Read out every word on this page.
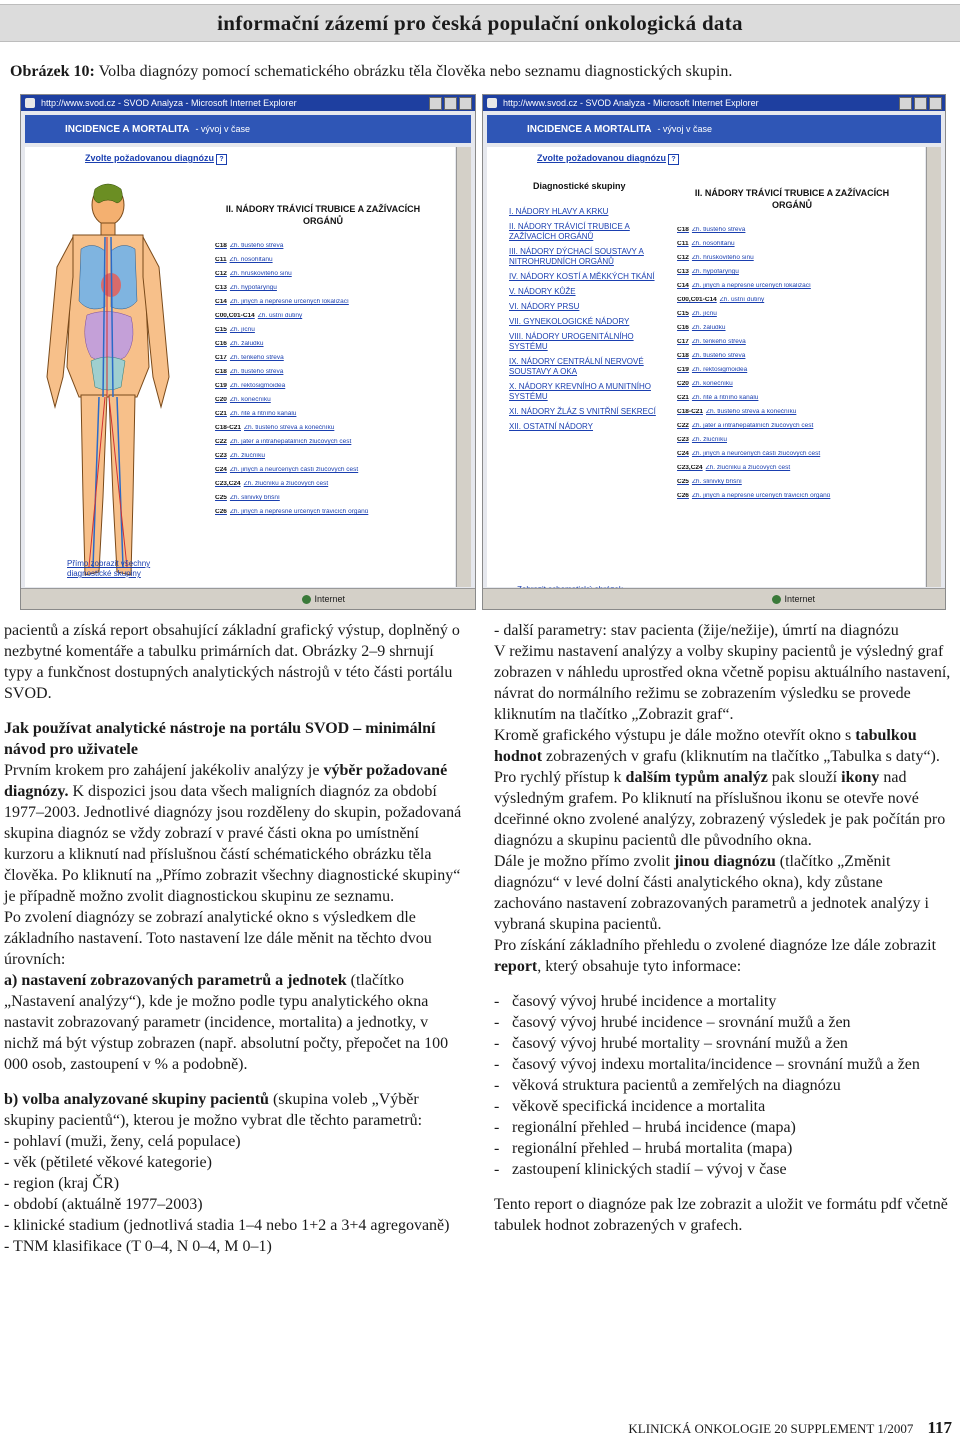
informační zázemí pro česká populační onkologická data
Obrázek 10: Volba diagnózy pomocí schematického obrázku těla člověka nebo seznamu diagnostických skupin.
http://www.svod.cz - SVOD Analyza - Microsoft Internet Explorer
INCIDENCE A MORTALITA - vývoj v čase
Zvolte požadovanou diagnózu ?
II. NÁDORY TRÁVICÍ TRUBICE A ZAŽÍVACÍCH ORGÁNŮ
C18 Zh. tlustého střeva
C11 Zh. nosohltanu
C12 Zh. hruškovitého sinu
C13 Zh. hypofaryngu
C14 Zh. jiných a nepřesně určených lokalizací
C00,C01-C14 Zh. ústní dutiny
C15 Zh. jícnu
C16 Zh. žaludku
C17 Zh. tenkého střeva
C18 Zh. tlustého střeva
C19 Zh. rektosigmoidea
C20 Zh. konečníku
C21 Zh. řitě a řitního kanálu
C18-C21 Zh. tlustého střeva a konečníku
C22 Zh. jater a intrahepatálních žlučových cest
C23 Zh. žlučníku
C24 Zh. jiných a neurčených částí žlučových cest
C23,C24 Zh. žlučníku a žlučových cest
C25 Zh. slinivky břišní
C26 Zh. jiných a nepřesně určených trávicích orgánů
Přímo zobrazit všechny diagnostické skupiny
Internet
http://www.svod.cz - SVOD Analyza - Microsoft Internet Explorer
INCIDENCE A MORTALITA - vývoj v čase
Zvolte požadovanou diagnózu ?
Diagnostické skupiny
I. NÁDORY HLAVY A KRKU
II. NÁDORY TRÁVICÍ TRUBICE A ZAŽÍVACÍCH ORGÁNŮ
III. NÁDORY DÝCHACÍ SOUSTAVY A NITROHRUDNÍCH ORGÁNŮ
IV. NÁDORY KOSTÍ A MĚKKÝCH TKÁNÍ
V. NÁDORY KŮŽE
VI. NÁDORY PRSU
VII. GYNEKOLOGICKÉ NÁDORY
VIII. NÁDORY UROGENITÁLNÍHO SYSTÉMU
IX. NÁDORY CENTRÁLNÍ NERVOVÉ SOUSTAVY A OKA
X. NÁDORY KREVNÍHO A MUNITNÍHO SYSTÉMU
XI. NÁDORY ŽLÁZ S VNITŘNÍ SEKRECÍ
XII. OSTATNÍ NÁDORY
II. NÁDORY TRÁVICÍ TRUBICE A ZAŽÍVACÍCH ORGÁNŮ
C18 Zh. tlustého střeva
C11 Zh. nosohltanu
C12 Zh. hruškovitého sinu
C13 Zh. hypofaryngu
C14 Zh. jiných a nepřesně určených lokalizací
C00,C01-C14 Zh. ústní dutiny
C15 Zh. jícnu
C16 Zh. žaludku
C17 Zh. tenkého střeva
C18 Zh. tlustého střeva
C19 Zh. rektosigmoidea
C20 Zh. konečníku
C21 Zh. řitě a řitního kanálu
C18-C21 Zh. tlustého střeva a konečníku
C22 Zh. jater a intrahepatálních žlučových cest
C23 Zh. žlučníku
C24 Zh. jiných a neurčených částí žlučových cest
C23,C24 Zh. žlučníku a žlučových cest
C25 Zh. slinivky břišní
C26 Zh. jiných a nepřesně určených trávicích orgánů
Internet

pacientů a získá report obsahující základní grafický výstup, doplněný o nezbytné komentáře a tabulku primárních dat. Obrázky 2–9 shrnují typy a funkčnost dostupných analytických nástrojů v této části portálu SVOD.

Jak používat analytické nástroje na portálu SVOD – minimální návod pro uživatele

Prvním krokem pro zahájení jakékoliv analýzy je výběr požadované diagnózy. K dispozici jsou data všech maligních diagnóz za období 1977–2003. Jednotlivé diagnózy jsou rozděleny do skupin, požadovaná skupina diagnóz se vždy zobrazí v pravé části okna po umístnění kurzoru a kliknutí nad příslušnou částí schématického obrázku těla člověka. Po kliknutí na „Přímo zobrazit všechny diagnostické skupiny“ je případně možno zvolit diagnostickou skupinu ze seznamu.

Po zvolení diagnózy se zobrazí analytické okno s výsledkem dle základního nastavení. Toto nastavení lze dále měnit na těchto dvou úrovních:

a) nastavení zobrazovaných parametrů a jednotek (tlačítko „Nastavení analýzy“), kde je možno podle typu analytického okna nastavit zobrazovaný parametr (incidence, mortalita) a jednotky, v nichž má být výstup zobrazen (např. absolutní počty, přepočet na 100 000 osob, zastoupení v % a podobně).

b) volba analyzované skupiny pacientů (skupina voleb „Výběr skupiny pacientů“), kterou je možno vybrat dle těchto parametrů:

- pohlaví (muži, ženy, celá populace)

- věk (pětileté věkové kategorie)

- region (kraj ČR)

- období (aktuálně 1977–2003)

- klinické stadium (jednotlivá stadia 1–4 nebo 1+2 a 3+4 agregovaně)

- TNM klasifikace (T 0–4, N 0–4, M 0–1)

- další parametry: stav pacienta (žije/nežije), úmrtí na diagnózu

V režimu nastavení analýzy a volby skupiny pacientů je výsledný graf zobrazen v náhledu uprostřed okna včetně popisu aktuálního nastavení, návrat do normálního režimu se zobrazením výsledku se provede kliknutím na tlačítko „Zobrazit graf“.

Kromě grafického výstupu je dále možno otevřít okno s tabulkou hodnot zobrazených v grafu (kliknutím na tlačítko „Tabulka s daty“). Pro rychlý přístup k dalším typům analýz pak slouží ikony nad výsledným grafem. Po kliknutí na příslušnou ikonu se otevře nové dceřinné okno zvolené analýzy, zobrazený výsledek je pak počítán pro diagnózu a skupinu pacientů dle původního okna.

Dále je možno přímo zvolit jinou diagnózu (tlačítko „Změnit diagnózu“ v levé dolní části analytického okna), kdy zůstane zachováno nastavení zobrazovaných parametrů a jednotek analýzy i vybraná skupina pacientů.

Pro získání základního přehledu o zvolené diagnóze lze dále zobrazit report, který obsahuje tyto informace:

- časový vývoj hrubé incidence a mortality
- časový vývoj hrubé incidence – srovnání mužů a žen
- časový vývoj hrubé mortality – srovnání mužů a žen
- časový vývoj indexu mortalita/incidence – srovnání mužů a žen
- věková struktura pacientů a zemřelých na diagnózu
- věkově specifická incidence a mortalita
- regionální přehled – hrubá incidence (mapa)
- regionální přehled – hrubá mortalita (mapa)
- zastoupení klinických stadií – vývoj v čase

Tento report o diagnóze pak lze zobrazit a uložit ve formátu pdf včetně tabulek hodnot zobrazených v grafech.

KLINICKÁ ONKOLOGIE 20 SUPPLEMENT 1/2007 117
